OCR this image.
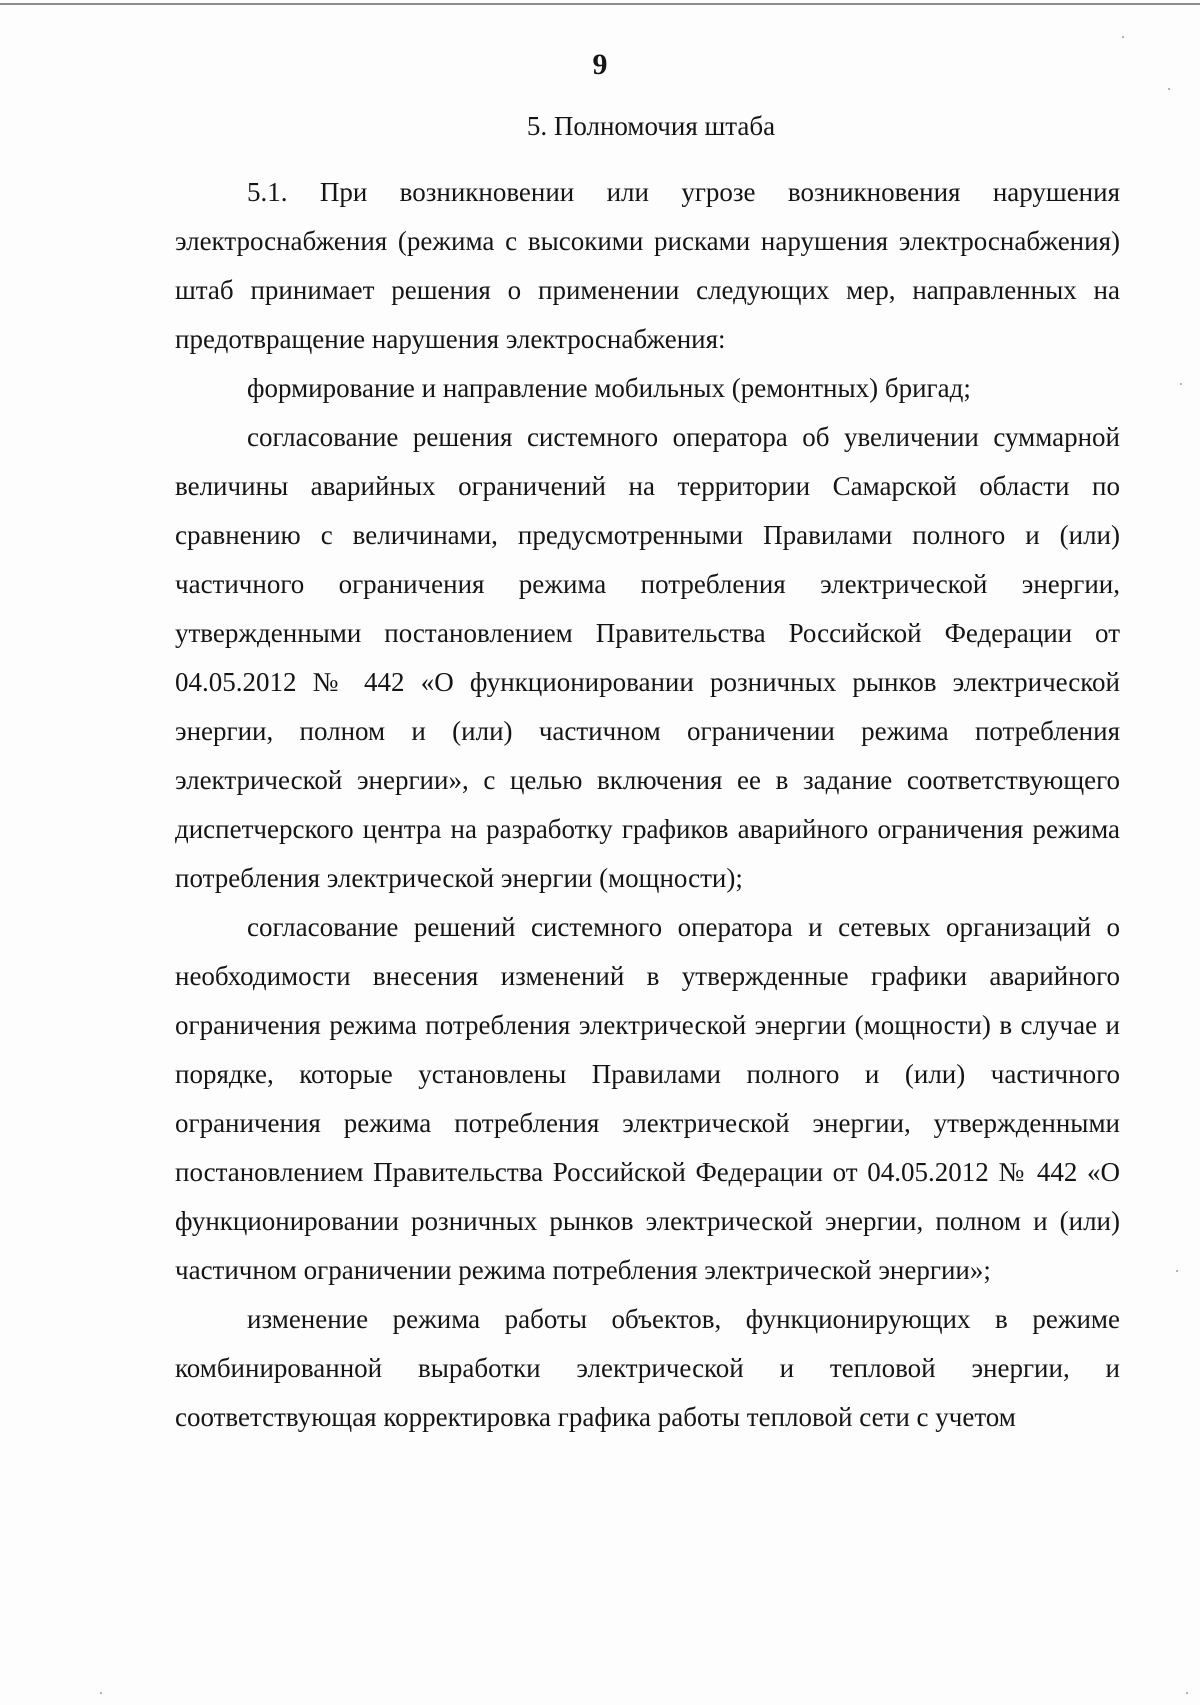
9
5. Полномочия штаба

5.1. При возникновении или угрозе возникновения нарушения электроснабжения (режима с высокими рисками нарушения электроснабжения) штаб принимает решения о применении следующих мер, направленных на предотвращение нарушения электроснабжения:

формирование и направление мобильных (ремонтных) бригад;

согласование решения системного оператора об увеличении суммарной величины аварийных ограничений на территории Самарской области по сравнению с величинами, предусмотренными Правилами полного и (или) частичного ограничения режима потребления электрической энергии, утвержденными постановлением Правительства Российской Федерации от 04.05.2012 № 442 «О функционировании розничных рынков электрической энергии, полном и (или) частичном ограничении режима потребления электрической энергии», с целью включения ее в задание соответствующего диспетчерского центра на разработку графиков аварийного ограничения режима потребления электрической энергии (мощности);

согласование решений системного оператора и сетевых организаций о необходимости внесения изменений в утвержденные графики аварийного ограничения режима потребления электрической энергии (мощности) в случае и порядке, которые установлены Правилами полного и (или) частичного ограничения режима потребления электрической энергии, утвержденными постановлением Правительства Российской Федерации от 04.05.2012 № 442 «О функционировании розничных рынков электрической энергии, полном и (или) частичном ограничении режима потребления электрической энергии»;

изменение режима работы объектов, функционирующих в режиме комбинированной выработки электрической и тепловой энергии, и соответствующая корректировка графика работы тепловой сети с учетом
